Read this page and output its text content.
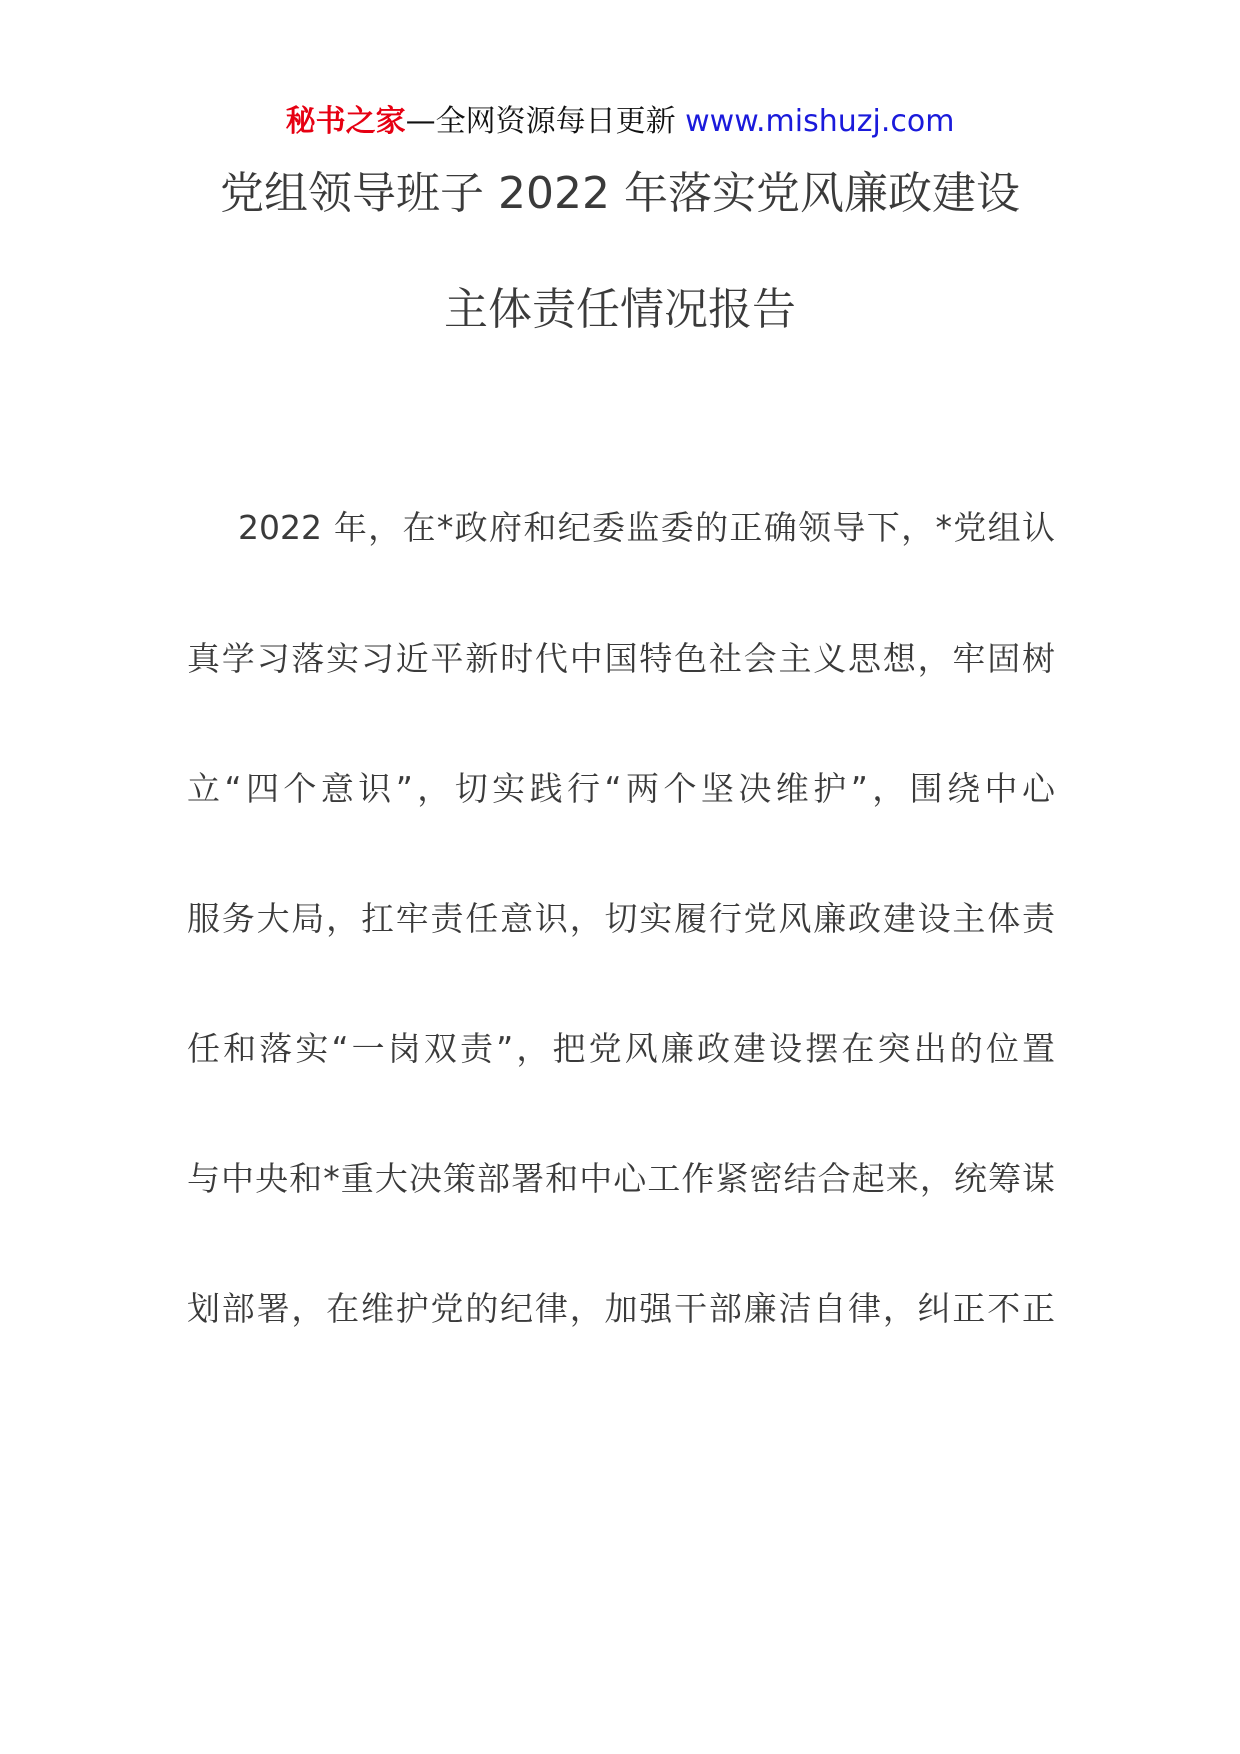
秘书之家—全网资源每日更新 www.mishuzj.com
党组领导班子 2022 年落实党风廉政建设
主体责任情况报告
2022 年，在*政府和纪委监委的正确领导下，*党组认
真学习落实习近平新时代中国特色社会主义思想，牢固树
立“四个意识”，切实践行“两个坚决维护”，围绕中心
服务大局，扛牢责任意识，切实履行党风廉政建设主体责
任和落实“一岗双责”，把党风廉政建设摆在突出的位置
与中央和*重大决策部署和中心工作紧密结合起来，统筹谋
划部署，在维护党的纪律，加强干部廉洁自律，纠正不正
